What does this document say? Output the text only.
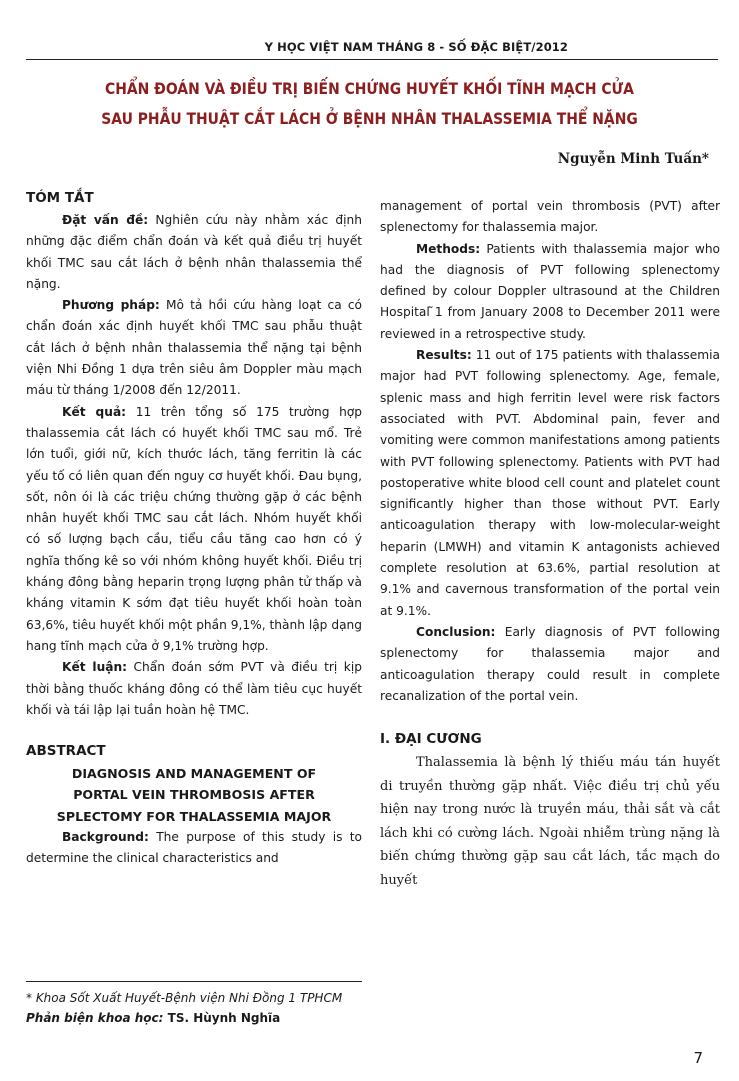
Y HỌC VIỆT NAM THÁNG 8 - SỐ ĐẶC BIỆT/2012
CHẨN ĐOÁN VÀ ĐIỀU TRỊ BIẾN CHỨNG HUYẾT KHỐI TĨNH MẠCH CỬA
SAU PHẪU THUẬT CẮT LÁCH Ở BỆNH NHÂN THALASSEMIA THỂ NẶNG
Nguyễn Minh Tuấn*
TÓM TẮT

Đặt vấn đề: Nghiên cứu này nhằm xác định những đặc điểm chẩn đoán và kết quả điều trị huyết khối TMC sau cắt lách ở bệnh nhân thalassemia thể nặng.

Phương pháp: Mô tả hồi cứu hàng loạt ca có chẩn đoán xác định huyết khối TMC sau phẫu thuật cắt lách ở bệnh nhân thalassemia thể nặng tại bệnh viện Nhi Đồng 1 dựa trên siêu âm Doppler màu mạch máu từ tháng 1/2008 đến 12/2011.

Kết quả: 11 trên tổng số 175 trường hợp thalassemia cắt lách có huyết khối TMC sau mổ. Trẻ lớn tuổi, giới nữ, kích thước lách, tăng ferritin là các yếu tố có liên quan đến nguy cơ huyết khối. Đau bụng, sốt, nôn ói là các triệu chứng thường gặp ở các bệnh nhân huyết khối TMC sau cắt lách. Nhóm huyết khối có số lượng bạch cầu, tiểu cầu tăng cao hơn có ý nghĩa thống kê so với nhóm không huyết khối. Điều trị kháng đông bằng heparin trọng lượng phân tử thấp và kháng vitamin K sớm đạt tiêu huyết khối hoàn toàn 63,6%, tiêu huyết khối một phần 9,1%, thành lập dạng hang tĩnh mạch cửa ở 9,1% trường hợp.

Kết luận: Chẩn đoán sớm PVT và điều trị kịp thời bằng thuốc kháng đông có thể làm tiêu cục huyết khối và tái lập lại tuần hoàn hệ TMC.

ABSTRACT
DIAGNOSIS AND MANAGEMENT OF
PORTAL VEIN THROMBOSIS AFTER
SPLECTOMY FOR THALASSEMIA MAJOR

Background: The purpose of this study is to determine the clinical characteristics and

management of portal vein thrombosis (PVT) after splenectomy for thalassemia major.

Methods: Patients with thalassemia major who had the diagnosis of PVT following splenectomy defined by colour Doppler ultrasound at the Children Hospital ̃1 from January 2008 to December 2011 were reviewed in a retrospective study.

Results: 11 out of 175 patients with thalassemia major had PVT following splenectomy. Age, female, splenic mass and high ferritin level were risk factors associated with PVT. Abdominal pain, fever and vomiting were common manifestations among patients with PVT following splenectomy. Patients with PVT had postoperative white blood cell count and platelet count significantly higher than those without PVT. Early anticoagulation therapy with low-molecular-weight heparin (LMWH) and vitamin K antagonists achieved complete resolution at 63.6%, partial resolution at 9.1% and cavernous transformation of the portal vein at 9.1%.

Conclusion: Early diagnosis of PVT following splenectomy for thalassemia major and anticoagulation therapy could result in complete recanalization of the portal vein.

I. ĐẠI CƯƠNG

Thalassemia là bệnh lý thiếu máu tán huyết di truyền thường gặp nhất. Việc điều trị chủ yếu hiện nay trong nước là truyền máu, thải sắt và cắt lách khi có cường lách. Ngoài nhiễm trùng nặng là biến chứng thường gặp sau cắt lách, tắc mạch do huyết

* Khoa Sốt Xuất Huyết-Bệnh viện Nhi Đồng 1 TPHCM
Phản biện khoa học: TS. Hùynh Nghĩa
7
